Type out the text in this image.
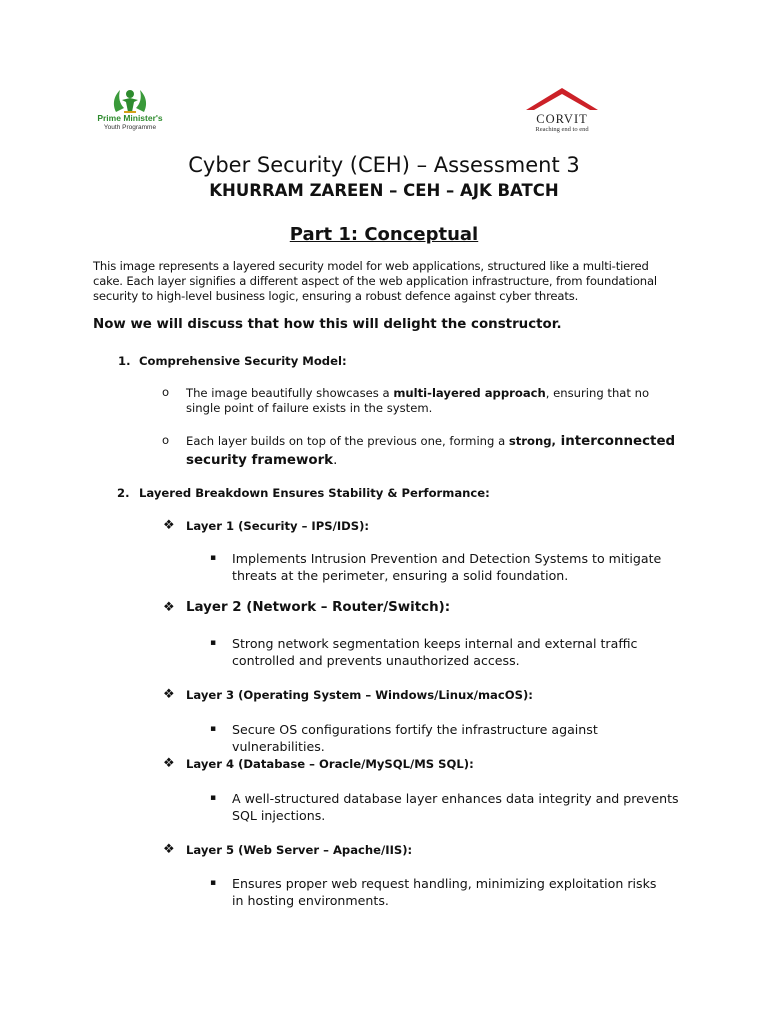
Prime Minister's
Youth Programme
CORVIT
Reaching end to end
Cyber Security (CEH) – Assessment 3
KHURRAM ZAREEN – CEH – AJK BATCH
Part 1: Conceptual
This image represents a layered security model for web applications, structured like a multi-tiered cake. Each layer signifies a different aspect of the web application infrastructure, from foundational security to high-level business logic, ensuring a robust defence against cyber threats.
Now we will discuss that how this will delight the constructor.
1. Comprehensive Security Model:
o The image beautifully showcases a multi-layered approach, ensuring that no single point of failure exists in the system.
o Each layer builds on top of the previous one, forming a strong, interconnected security framework.
2. Layered Breakdown Ensures Stability & Performance:
❖ Layer 1 (Security – IPS/IDS):
▪ Implements Intrusion Prevention and Detection Systems to mitigate threats at the perimeter, ensuring a solid foundation.
❖ Layer 2 (Network – Router/Switch):
▪ Strong network segmentation keeps internal and external traffic controlled and prevents unauthorized access.
❖ Layer 3 (Operating System – Windows/Linux/macOS):
▪ Secure OS configurations fortify the infrastructure against vulnerabilities.
❖ Layer 4 (Database – Oracle/MySQL/MS SQL):
▪ A well-structured database layer enhances data integrity and prevents SQL injections.
❖ Layer 5 (Web Server – Apache/IIS):
▪ Ensures proper web request handling, minimizing exploitation risks in hosting environments.
